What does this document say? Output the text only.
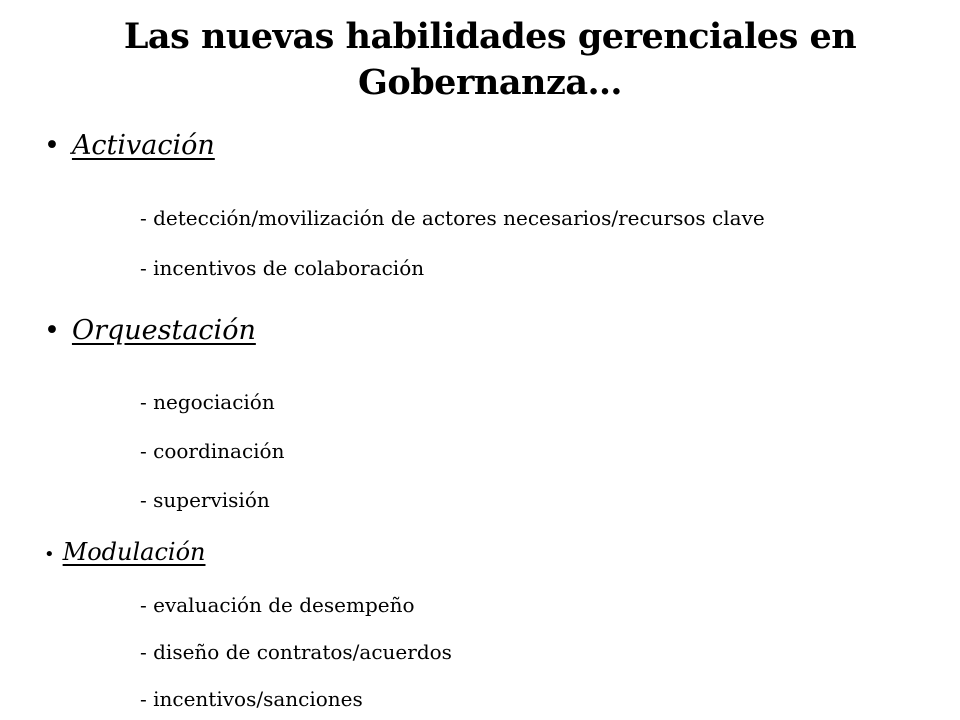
Las nuevas habilidades gerenciales en Gobernanza…
• Activación
- detección/movilización de actores necesarios/recursos clave
- incentivos de colaboración
• Orquestación
- negociación
- coordinación
- supervisión
• Modulación
- evaluación de desempeño
- diseño de contratos/acuerdos
- incentivos/sanciones
